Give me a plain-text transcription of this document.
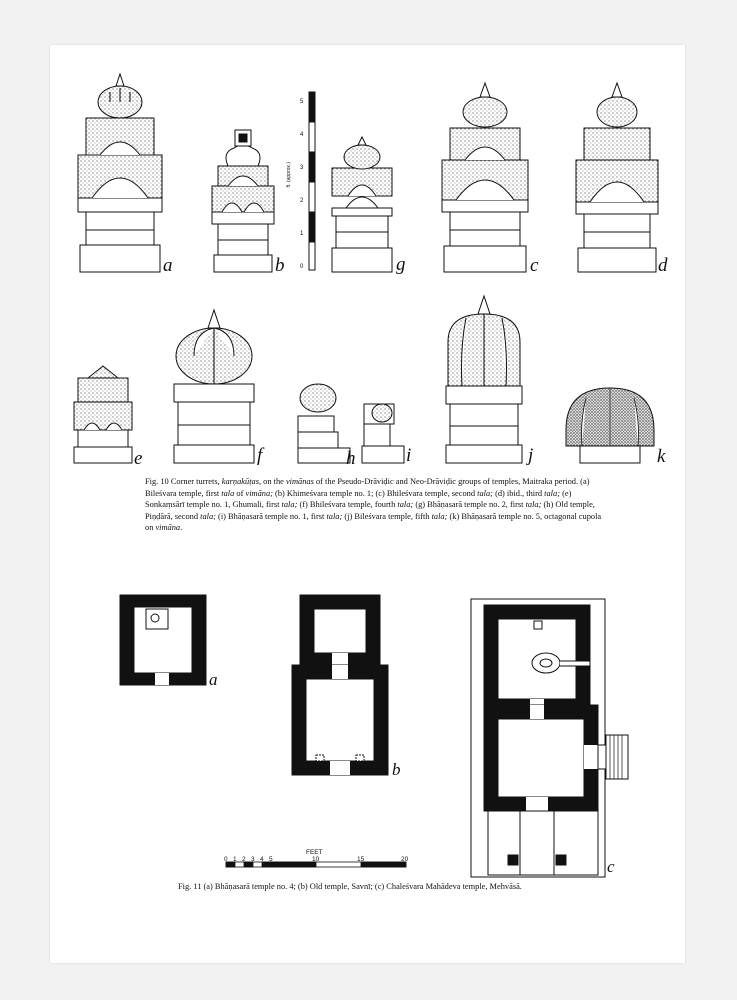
0
1
2
3
4
5
ft. (approx.)
a	b	g	c	d
e	f	h	i	j	k
Fig. 10 Corner turrets, karṇakūṭas, on the vimānas of the Pseudo-Drāviḍic and Neo-Drāviḍic groups of temples, Maitraka period. (a) Bileśvara temple, first tala of vimāna; (b) Khimeśvara temple no. 1; (c) Bhileśvara temple, second tala; (d) ibid., third tala; (e) Sonkaṃsārī temple no. 1, Ghumali, first tala; (f) Bhileśvara temple, fourth tala; (g) Bhāṇasarā temple no. 2, first tala; (h) Old temple, Piṇḍārā, second tala; (i) Bhāṇasarā temple no. 1, first tala; (j) Bileśvara temple, fifth tala; (k) Bhāṇasarā temple no. 5, octagonal cupola on vimāna.
FEET
0 1 2 3 4 5	10	15	20
a
b
c
Fig. 11 (a) Bhāṇasarā temple no. 4; (b) Old temple, Savnī; (c) Chaleśvara Mahādeva temple, Mehvāsā.
